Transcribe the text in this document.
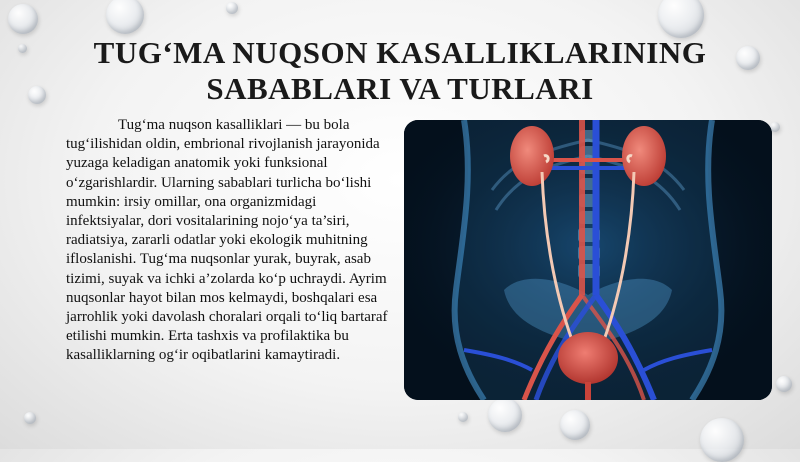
TUG‘MA NUQSON KASALLIKLARINING SABABLARI VA TURLARI

Tug‘ma nuqson kasalliklari — bu bola tug‘ilishidan oldin, embrional rivojlanish jarayonida yuzaga keladigan anatomik yoki funksional o‘zgarishlardir. Ularning sabablari turlicha bo‘lishi mumkin: irsiy omillar, ona organizmidagi infektsiyalar, dori vositalarining nojo‘ya ta’siri, radiatsiya, zararli odatlar yoki ekologik muhitning ifloslanishi. Tug‘ma nuqsonlar yurak, buyrak, asab tizimi, suyak va ichki a’zolarda ko‘p uchraydi. Ayrim nuqsonlar hayot bilan mos kelmaydi, boshqalari esa jarrohlik yoki davolash choralari orqali to‘liq bartaraf etilishi mumkin. Erta tashxis va profilaktika bu kasalliklarning og‘ir oqibatlarini kamaytiradi.
